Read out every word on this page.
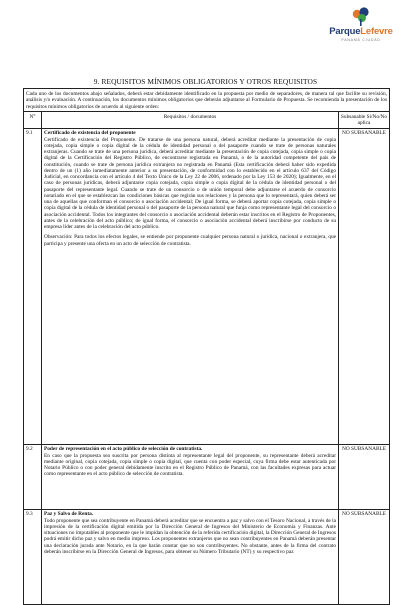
ParqueLefevre
PANAMÁ CIUDAD
9. REQUISITOS MÍNIMOS OBLIGATORIOS Y OTROS REQUISITOS
Cada uno de los documentos abajo señalados, deberá estar debidamente identificado en la propuesta por medio de separadores, de manera tal que facilite su revisión, análisis y/o evaluación. A continuación, los documentos mínimos obligatorios que deberán adjuntarse al Formulario de Propuesta. Se recomienda la presentación de los requisitos mínimos obligatorios de acuerdo al siguiente orden:		
N°	Requisitos / documentos	Subsanable Si/No/No aplica
9.1	Certificado de existencia del proponente

Certificado de existencia del Proponente. De tratarse de una persona natural, deberá acreditar mediante la presentación de copia cotejada, copia simple o copia digital de la cédula de identidad personal o del pasaporte cuando se trate de personas naturales extranjeras. Cuando se trate de una persona jurídica, deberá acreditar mediante la presentación de copia cotejada, copia simple o copia digital de la Certificación del Registro Público, de encontrarse registrada en Panamá, o de la autoridad competente del país de constitución, cuando se trate de persona jurídica extranjera no registrada en Panamá (Esta certificación deberá haber sido expedida dentro de un (1) año inmediatamente anterior a su presentación, de conformidad con lo establecido en el artículo 637 del Código Judicial, en concordancia con el artículo 4 del Texto Único de la Ley 22 de 2006, ordenado por la Ley 153 de 2020); Igualmente, en el caso de personas jurídicas, deberá adjuntarse copia cotejada, copia simple o copia digital de la cédula de identidad personal o del pasaporte del representante legal. Cuando se trate de un consorcio o de unión temporal debe adjuntarse el acuerdo de consorcio notariado en el que se establezcan las condiciones básicas que regirán sus relaciones y la persona que lo representará, quien deberá ser una de aquellas que conforman el consorcio o asociación accidental; De igual forma, se deberá aportar copia cotejada, copia simple o copia digital de la cédula de identidad personal o del pasaporte de la persona natural que funja como representante legal del consorcio o asociación accidental. Todos los integrantes del consorcio o asociación accidental deberán estar inscritos en el Registro de Proponentes, antes de la celebración del acto público; de igual forma, el consorcio o asociación accidental deberá inscribirse por conducto de su empresa líder antes de la celebración del acto público.

Observación: Para todos los efectos legales, se entiende por proponente cualquier persona natural o jurídica, nacional o extranjera, que participa y presente una oferta en un acto de selección de contratista.	NO SUBSANABLE
9.2	Poder de representación en el acto público de selección de contratista.

En caso que la propuesta sea suscrita por persona distinta al representante legal del proponente, su representante deberá acreditar mediante original, copia cotejada, copia simple o copia digital, que cuenta con poder especial, cuya firma debe estar autenticada por Notario Público o con poder general debidamente inscrito en el Registro Público de Panamá, con las facultades expresas para actuar como representante en el acto público de selección de contratista.	NO SUBSANABLE
9.3	Paz y Salvo de Renta.

Todo proponente que sea contribuyente en Panamá deberá acreditar que se encuentra a paz y salvo con el Tesoro Nacional, a través de la impresión de la certificación digital emitida por la Dirección General de Ingresos del Ministerio de Economía y Finanzas. Ante situaciones no imputables al proponente que le impidan la obtención de la referida certificación digital, la Dirección General de Ingresos podrá emitir dicho paz y salvo en medio impreso. Los proponentes extranjeros que no sean contribuyentes en Panamá deberán presentar una declaración jurada ante Notario, en la que harán constar que no son contribuyentes. No obstante, antes de la firma del contrato deberán inscribirse en la Dirección General de Ingresos, para obtener su Número Tributario (NT) y su respectivo paz	NO SUBSANABLE
